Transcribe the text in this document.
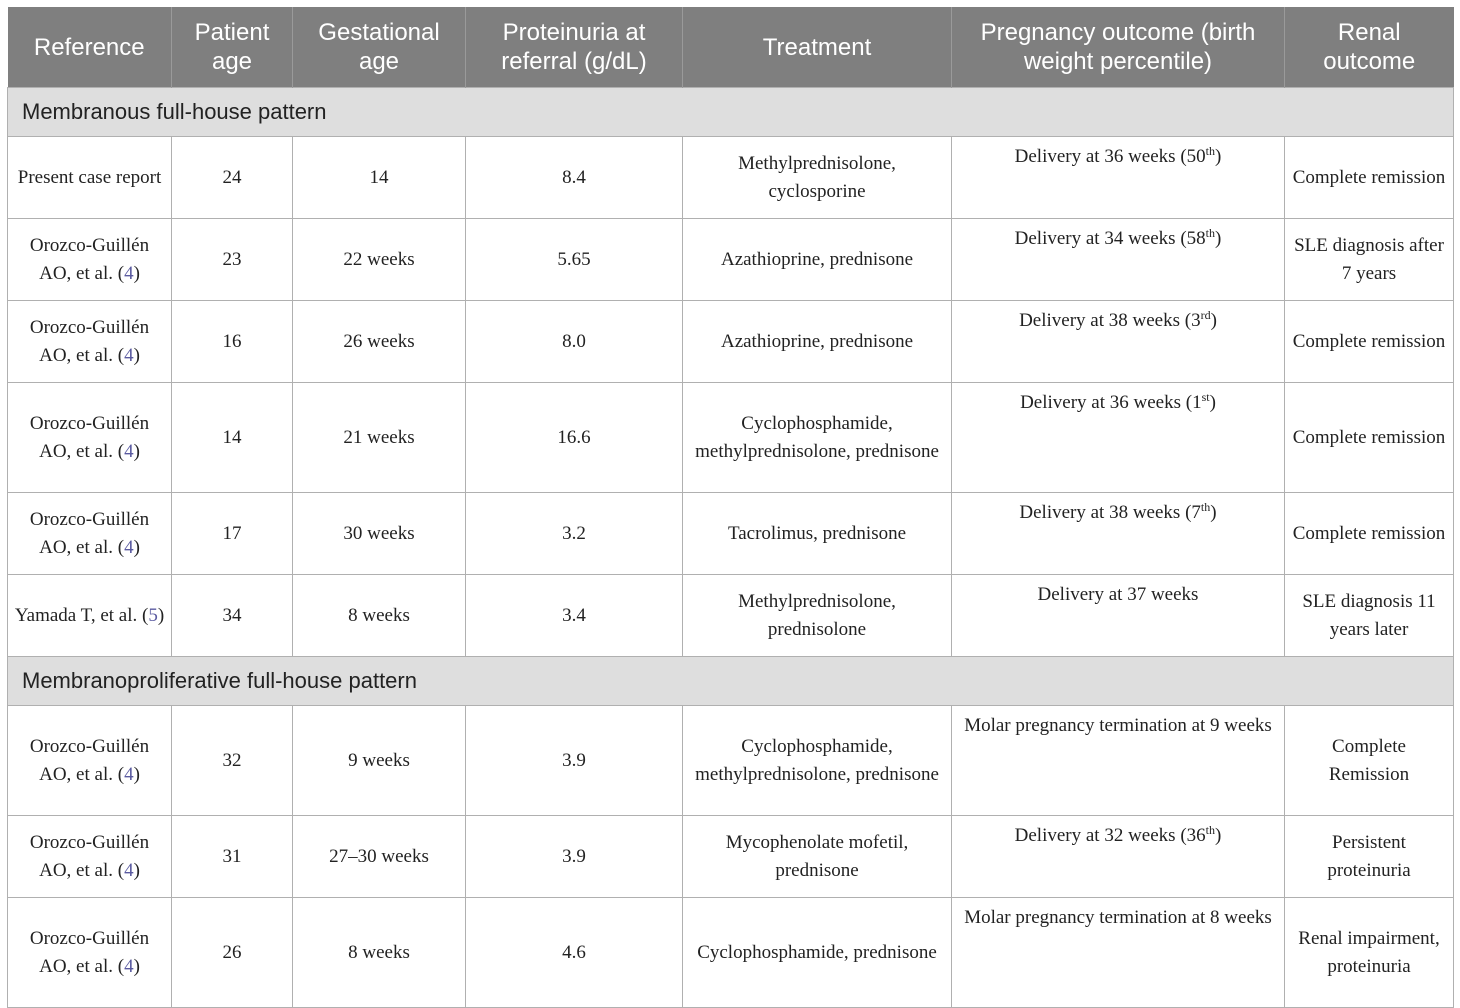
Reference	Patient age	Gestational age	Proteinuria at referral (g/dL)	Treatment	Pregnancy outcome (birth weight percentile)	Renal outcome
Membranous full-house pattern						
Present case report	24	14	8.4	Methylprednisolone, cyclosporine	Delivery at 36 weeks (50th)	Complete remission
Orozco-Guillén AO, et al. (4)	23	22 weeks	5.65	Azathioprine, prednisone	Delivery at 34 weeks (58th)	SLE diagnosis after 7 years
Orozco-Guillén AO, et al. (4)	16	26 weeks	8.0	Azathioprine, prednisone	Delivery at 38 weeks (3rd)	Complete remission
Orozco-Guillén AO, et al. (4)	14	21 weeks	16.6	Cyclophosphamide, methylprednisolone, prednisone	Delivery at 36 weeks (1st)	Complete remission
Orozco-Guillén AO, et al. (4)	17	30 weeks	3.2	Tacrolimus, prednisone	Delivery at 38 weeks (7th)	Complete remission
Yamada T, et al. (5)	34	8 weeks	3.4	Methylprednisolone, prednisolone	Delivery at 37 weeks	SLE diagnosis 11 years later
Membranoproliferative full-house pattern						
Orozco-Guillén AO, et al. (4)	32	9 weeks	3.9	Cyclophosphamide, methylprednisolone, prednisone	Molar pregnancy termination at 9 weeks	Complete Remission
Orozco-Guillén AO, et al. (4)	31	27–30 weeks	3.9	Mycophenolate mofetil, prednisone	Delivery at 32 weeks (36th)	Persistent proteinuria
Orozco-Guillén AO, et al. (4)	26	8 weeks	4.6	Cyclophosphamide, prednisone	Molar pregnancy termination at 8 weeks	Renal impairment, proteinuria
